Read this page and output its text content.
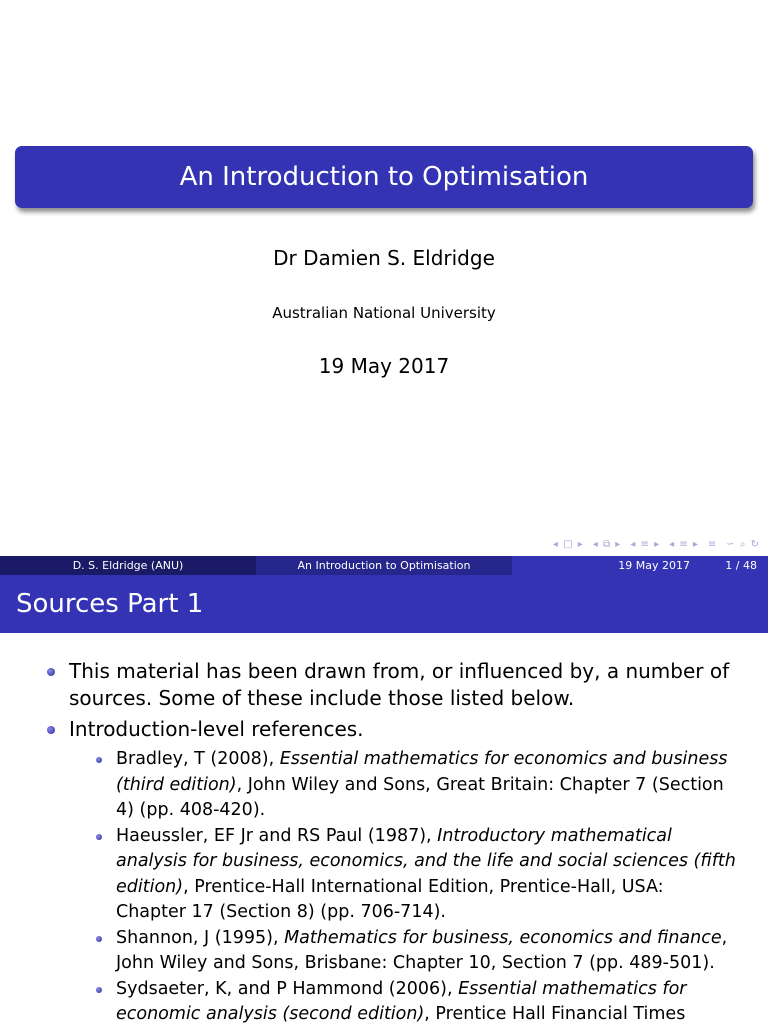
An Introduction to Optimisation
Dr Damien S. Eldridge
Australian National University
19 May 2017
◂ □ ▸ ◂ ⧉ ▸ ◂ ≡ ▸ ◂ ≡ ▸ ≡ ∽ ⌕ ↻
D. S. Eldridge (ANU)	An Introduction to Optimisation	19 May 2017	1 / 48
Sources Part 1
This material has been drawn from, or influenced by, a number of sources. Some of these include those listed below.
Introduction-level references.
Bradley, T (2008), Essential mathematics for economics and business (third edition), John Wiley and Sons, Great Britain: Chapter 7 (Section 4) (pp. 408-420).
Haeussler, EF Jr and RS Paul (1987), Introductory mathematical analysis for business, economics, and the life and social sciences (fifth edition), Prentice-Hall International Edition, Prentice-Hall, USA: Chapter 17 (Section 8) (pp. 706-714).
Shannon, J (1995), Mathematics for business, economics and finance, John Wiley and Sons, Brisbane: Chapter 10, Section 7 (pp. 489-501).
Sydsaeter, K, and P Hammond (2006), Essential mathematics for economic analysis (second edition), Prentice Hall Financial Times
